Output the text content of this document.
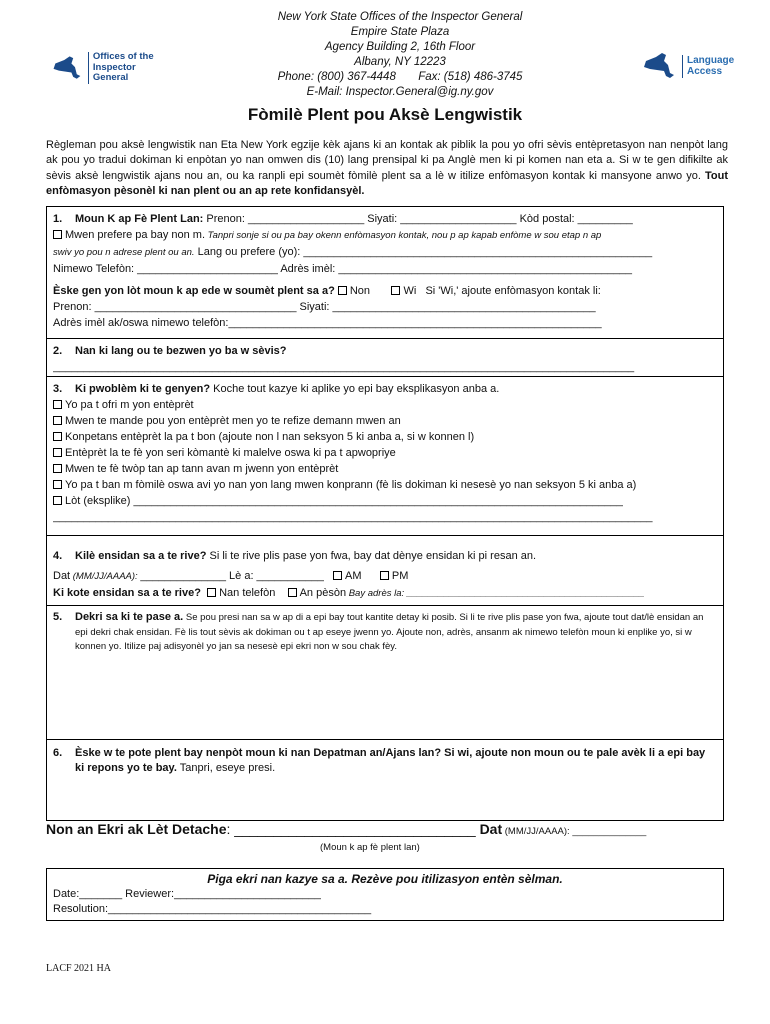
Offices of the
Inspector General
Language
Access
New York State Offices of the Inspector General
Empire State Plaza
Agency Building 2, 16th Floor
Albany, NY 12223
Phone: (800) 367-4448       Fax: (518) 486-3745
E-Mail: Inspector.General@ig.ny.gov
Fòmilè Plent pou Aksè Lengwistik
Règleman pou aksè lengwistik nan Eta New York egzije kèk ajans ki an kontak ak piblik la pou yo ofri sèvis entèpretasyon nan nenpòt lang ak pou yo tradui dokiman ki enpòtan yo nan omwen dis (10) lang prensipal ki pa Anglè men ki pi komen nan eta a. Si w te gen difikilte ak sèvis aksè lengwistik ajans nou an, ou ka ranpli epi soumèt fòmilè plent sa a lè w itilize enfòmasyon kontak ki mansyone anwo yo. Tout enfòmasyon pèsonèl ki nan plent ou an ap rete konfidansyèl.
1. Moun K ap Fè Plent Lan: Prenon: ___________________ Siyati: ___________________ Kòd postal: _________
Mwen prefere pa bay non m. Tanpri sonje si ou pa bay okenn enfòmasyon kontak, nou p ap kapab enfòme w sou etap n ap
swiv yo pou n adrese plent ou an. Lang ou prefere (yo): _________________________________________________________
Nimewo Telefòn: _______________________ Adrès imèl: ________________________________________________
Èske gen yon lòt moun k ap ede w soumèt plent sa a? Non	Wi Si 'Wi,' ajoute enfòmasyon kontak li:
Prenon: _________________________________ Siyati: ___________________________________________
Adrès imèl ak/oswa nimewo telefòn:_____________________________________________________________
2. Nan ki lang ou te bezwen yo ba w sèvis?
_______________________________________________________________________________________________
3. Ki pwoblèm ki te genyen? Koche tout kazye ki aplike yo epi bay eksplikasyon anba a.
Yo pa t ofri m yon entèprèt
Mwen te mande pou yon entèprèt men yo te refize demann mwen an
Konpetans entèprèt la pa t bon (ajoute non l nan seksyon 5 ki anba a, si w konnen l)
Entèprèt la te fè yon seri kòmantè ki malelve oswa ki pa t apwopriye
Mwen te fè twòp tan ap tann avan m jwenn yon entèprèt
Yo pa t ban m fòmilè oswa avi yo nan yon lang mwen konprann (fè lis dokiman ki nesesè yo nan seksyon 5 ki anba a)
Lòt (eksplike) ________________________________________________________________________________
__________________________________________________________________________________________________
4. Kilè ensidan sa a te rive? Si li te rive plis pase yon fwa, bay dat dènye ensidan ki pi resan an.
Dat (MM/JJ/AAAA): ______________ Lè a: ___________ AM	PM
Ki kote ensidan sa a te rive? Nan telefòn An pèsòn Bay adrès la: _____________________________________________
5.	Dekri sa ki te pase a. Se pou presi nan sa w ap di a epi bay tout kantite detay ki posib. Si li te rive plis pase yon fwa, ajoute tout dat/lè ensidan an epi dekri chak ensidan. Fè lis tout sèvis ak dokiman ou t ap eseye jwenn yo. Ajoute non, adrès, ansanm ak nimewo telefòn moun ki enplike yo, si w konnen yo. Itilize paj adisyonèl yo jan sa nesesè epi ekri non w sou chak fèy.
6.	Èske w te pote plent bay nenpòt moun ki nan Depatman an/Ajans lan? Si wi, ajoute non moun ou te pale avèk li a epi bay ki repons yo te bay. Tanpri, eseye presi.
Non an Ekri ak Lèt Detache: _______________________________ Dat (MM/JJ/AAAA): ______________
(Moun k ap fè plent lan)
Piga ekri nan kazye sa a. Rezève pou itilizasyon entèn sèlman.
Date:_______ Reviewer:________________________
Resolution:___________________________________________
LACF 2021 HA
